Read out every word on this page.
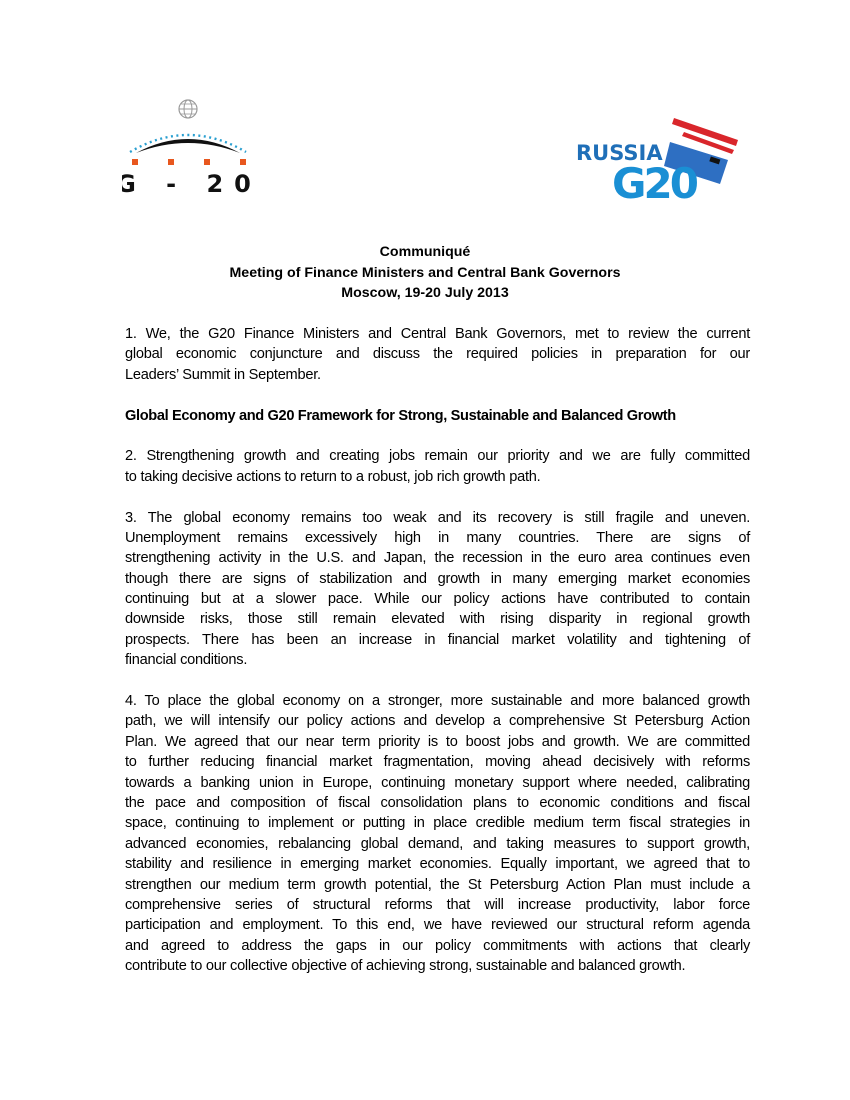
G - 20
RUSSIA
G20
Communiqué
Meeting of Finance Ministers and Central Bank Governors
Moscow, 19-20 July 2013
1. We, the G20 Finance Ministers and Central Bank Governors, met to review the current
global economic conjuncture and discuss the required policies in preparation for our
Leaders’ Summit in September.
Global Economy and G20 Framework for Strong, Sustainable and Balanced Growth
2. Strengthening growth and creating jobs remain our priority and we are fully committed
to taking decisive actions to return to a robust, job rich growth path.
3. The global economy remains too weak and its recovery is still fragile and uneven.
Unemployment remains excessively high in many countries. There are signs of
strengthening activity in the U.S. and Japan, the recession in the euro area continues even
though there are signs of stabilization and growth in many emerging market economies
continuing but at a slower pace. While our policy actions have contributed to contain
downside risks, those still remain elevated with rising disparity in regional growth
prospects. There has been an increase in financial market volatility and tightening of
financial conditions.
4. To place the global economy on a stronger, more sustainable and more balanced growth
path, we will intensify our policy actions and develop a comprehensive St Petersburg Action
Plan. We agreed that our near term priority is to boost jobs and growth. We are committed
to further reducing financial market fragmentation, moving ahead decisively with reforms
towards a banking union in Europe, continuing monetary support where needed, calibrating
the pace and composition of fiscal consolidation plans to economic conditions and fiscal
space, continuing to implement or putting in place credible medium term fiscal strategies in
advanced economies, rebalancing global demand, and taking measures to support growth,
stability and resilience in emerging market economies. Equally important, we agreed that to
strengthen our medium term growth potential, the St Petersburg Action Plan must include a
comprehensive series of structural reforms that will increase productivity, labor force
participation and employment. To this end, we have reviewed our structural reform agenda
and agreed to address the gaps in our policy commitments with actions that clearly
contribute to our collective objective of achieving strong, sustainable and balanced growth.
